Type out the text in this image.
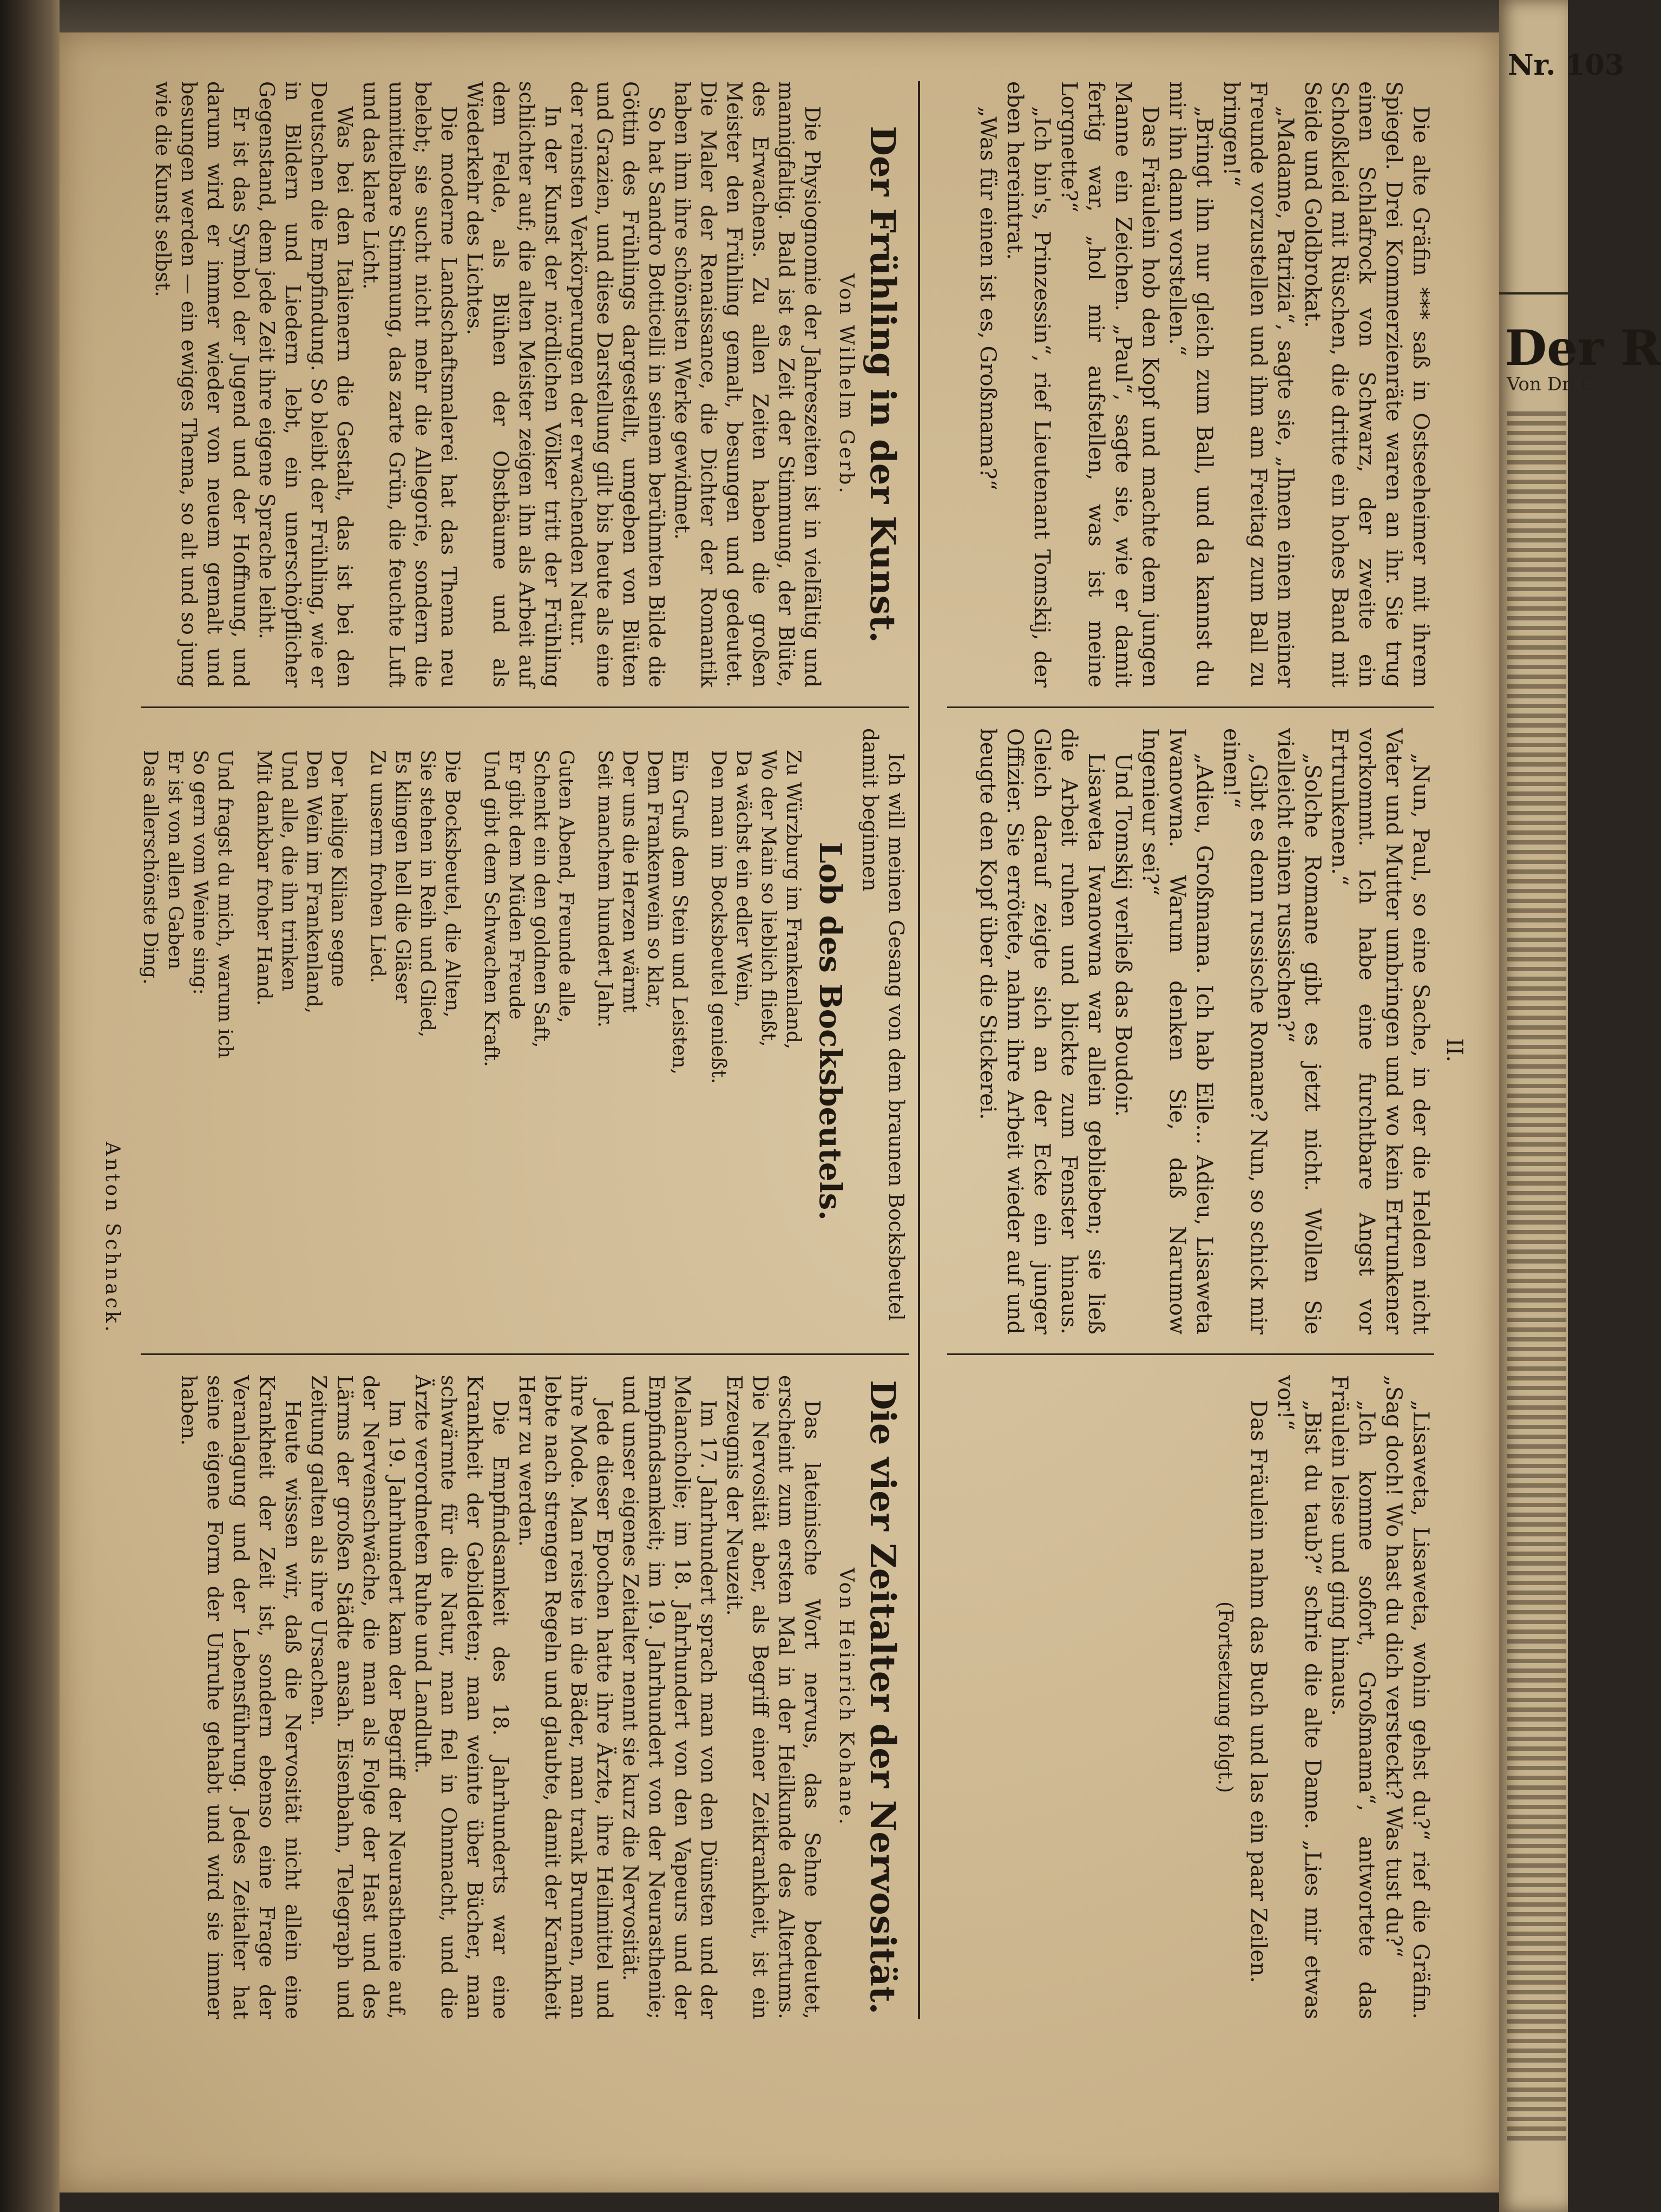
Nr. 103
Der R
Von Dr. C
II.

Die alte Gräfin *** saß in Ostseeheimer mit ihrem Spiegel. Drei Kommerzienräte waren an ihr. Sie trug einen Schlafrock von Schwarz, der zweite ein Schoßkleid mit Rüschen, die dritte ein hohes Band mit Seide und Goldbrokat.

„Madame, Patrizia“, sagte sie, „Ihnen einen meiner Freunde vorzustellen und ihm am Freitag zum Ball zu bringen!“

„Bringt ihn nur gleich zum Ball, und da kannst du mir ihn dann vorstellen.“

Das Fräulein hob den Kopf und machte dem jungen Manne ein Zeichen. „Paul“, sagte sie, wie er damit fertig war, „hol mir aufstellen, was ist meine Lorgnette?“

„Ich bin's, Prinzessin“, rief Lieutenant Tomskij, der eben hereintrat.

„Was für einen ist es, Großmama?“

„Nun, Paul, so eine Sache, in der die Helden nicht Vater und Mutter umbringen und wo kein Ertrunkener vorkommt. Ich habe eine furchtbare Angst vor Ertrunkenen.“

„Solche Romane gibt es jetzt nicht. Wollen Sie vielleicht einen russischen?“

„Gibt es denn russische Romane? Nun, so schick mir einen!“

„Adieu, Großmama. Ich hab Eile... Adieu, Lisaweta Iwanowna. Warum denken Sie, daß Narumow Ingenieur sei?“

Und Tomskij verließ das Boudoir.

Lisaweta Iwanowna war allein geblieben; sie ließ die Arbeit ruhen und blickte zum Fenster hinaus. Gleich darauf zeigte sich an der Ecke ein junger Offizier. Sie errötete, nahm ihre Arbeit wieder auf und beugte den Kopf über die Stickerei.

„Lisaweta, Lisaweta, wohin gehst du?“ rief die Gräfin. „Sag doch! Wo hast du dich versteckt? Was tust du?“

„Ich komme sofort, Großmama“, antwortete das Fräulein leise und ging hinaus.

„Bist du taub?“ schrie die alte Dame. „Lies mir etwas vor!“

Das Fräulein nahm das Buch und las ein paar Zeilen.

(Fortsetzung folgt.)
Der Frühling in der Kunst.
Von Wilhelm Gerb.

Die Physiognomie der Jahreszeiten ist in vielfältig und mannigfaltig. Bald ist es Zeit der Stimmung, der Blüte, des Erwachens. Zu allen Zeiten haben die großen Meister den Frühling gemalt, besungen und gedeutet. Die Maler der Renaissance, die Dichter der Romantik haben ihm ihre schönsten Werke gewidmet.

So hat Sandro Botticelli in seinem berühmten Bilde die Göttin des Frühlings dargestellt, umgeben von Blüten und Grazien, und diese Darstellung gilt bis heute als eine der reinsten Verkörperungen der erwachenden Natur.

In der Kunst der nördlichen Völker tritt der Frühling schlichter auf; die alten Meister zeigen ihn als Arbeit auf dem Felde, als Blühen der Obstbäume und als Wiederkehr des Lichtes.

Die moderne Landschaftsmalerei hat das Thema neu belebt; sie sucht nicht mehr die Allegorie, sondern die unmittelbare Stimmung, das zarte Grün, die feuchte Luft und das klare Licht.

Was bei den Italienern die Gestalt, das ist bei den Deutschen die Empfindung. So bleibt der Frühling, wie er in Bildern und Liedern lebt, ein unerschöpflicher Gegenstand, dem jede Zeit ihre eigene Sprache leiht.

Er ist das Symbol der Jugend und der Hoffnung, und darum wird er immer wieder von neuem gemalt und besungen werden — ein ewiges Thema, so alt und so jung wie die Kunst selbst.

Ich will meinen Gesang von dem braunen Bocksbeutel damit beginnen

Lob des Bocksbeutels.
Zu Würzburg im Frankenland,
Wo der Main so lieblich fließt,
Da wächst ein edler Wein,
Den man im Bocksbeutel genießt.
Ein Gruß dem Stein und Leisten,
Dem Frankenwein so klar,
Der uns die Herzen wärmt
Seit manchem hundert Jahr.
Guten Abend, Freunde alle,
Schenkt ein den goldnen Saft,
Er gibt dem Müden Freude
Und gibt dem Schwachen Kraft.
Die Bocksbeutel, die Alten,
Sie stehen in Reih und Glied,
Es klingen hell die Gläser
Zu unserm frohen Lied.
Der heilige Kilian segne
Den Wein im Frankenland,
Und alle, die ihn trinken
Mit dankbar froher Hand.
Und fragst du mich, warum ich
So gern vom Weine sing:
Er ist von allen Gaben
Das allerschönste Ding.
Anton Schnack.
Die vier Zeitalter der Nervosität.
Von Heinrich Kohane.

Das lateinische Wort nervus, das Sehne bedeutet, erscheint zum ersten Mal in der Heilkunde des Altertums. Die Nervosität aber, als Begriff einer Zeitkrankheit, ist ein Erzeugnis der Neuzeit.

Im 17. Jahrhundert sprach man von den Dünsten und der Melancholie; im 18. Jahrhundert von den Vapeurs und der Empfindsamkeit; im 19. Jahrhundert von der Neurasthenie; und unser eigenes Zeitalter nennt sie kurz die Nervosität.

Jede dieser Epochen hatte ihre Ärzte, ihre Heilmittel und ihre Mode. Man reiste in die Bäder, man trank Brunnen, man lebte nach strengen Regeln und glaubte, damit der Krankheit Herr zu werden.

Die Empfindsamkeit des 18. Jahrhunderts war eine Krankheit der Gebildeten; man weinte über Bücher, man schwärmte für die Natur, man fiel in Ohnmacht, und die Ärzte verordneten Ruhe und Landluft.

Im 19. Jahrhundert kam der Begriff der Neurasthenie auf, der Nervenschwäche, die man als Folge der Hast und des Lärms der großen Städte ansah. Eisenbahn, Telegraph und Zeitung galten als ihre Ursachen.

Heute wissen wir, daß die Nervosität nicht allein eine Krankheit der Zeit ist, sondern ebenso eine Frage der Veranlagung und der Lebensführung. Jedes Zeitalter hat seine eigene Form der Unruhe gehabt und wird sie immer haben.
